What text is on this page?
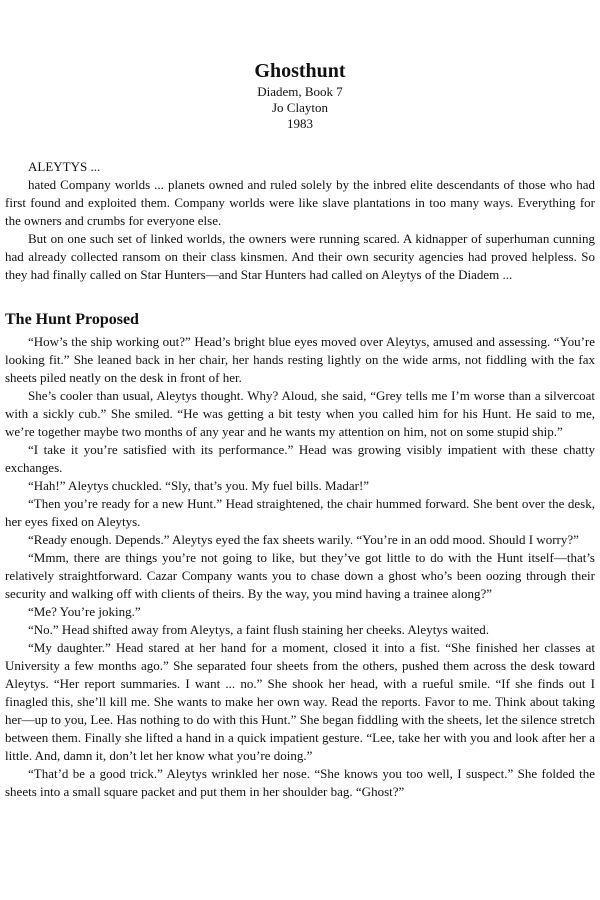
Ghosthunt

Diadem, Book 7

Jo Clayton

1983

ALEYTYS ...

hated Company worlds ... planets owned and ruled solely by the inbred elite descendants of those who had first found and exploited them. Company worlds were like slave plantations in too many ways. Everything for the owners and crumbs for everyone else.

But on one such set of linked worlds, the owners were running scared. A kidnapper of superhuman cunning had already collected ransom on their class kinsmen. And their own security agencies had proved helpless. So they had finally called on Star Hunters—and Star Hunters had called on Aleytys of the Diadem ...

The Hunt Proposed

“How’s the ship working out?” Head’s bright blue eyes moved over Aleytys, amused and assessing. “You’re looking fit.” She leaned back in her chair, her hands resting lightly on the wide arms, not fiddling with the fax sheets piled neatly on the desk in front of her.

She’s cooler than usual, Aleytys thought. Why? Aloud, she said, “Grey tells me I’m worse than a silvercoat with a sickly cub.” She smiled. “He was getting a bit testy when you called him for his Hunt. He said to me, we’re together maybe two months of any year and he wants my attention on him, not on some stupid ship.”

“I take it you’re satisfied with its performance.” Head was growing visibly impatient with these chatty exchanges.

“Hah!” Aleytys chuckled. “Sly, that’s you. My fuel bills. Madar!”

“Then you’re ready for a new Hunt.” Head straightened, the chair hummed forward. She bent over the desk, her eyes fixed on Aleytys.

“Ready enough. Depends.” Aleytys eyed the fax sheets warily. “You’re in an odd mood. Should I worry?”

“Mmm, there are things you’re not going to like, but they’ve got little to do with the Hunt itself—that’s relatively straightforward. Cazar Company wants you to chase down a ghost who’s been oozing through their security and walking off with clients of theirs. By the way, you mind having a trainee along?”

“Me? You’re joking.”

“No.” Head shifted away from Aleytys, a faint flush staining her cheeks. Aleytys waited.

“My daughter.” Head stared at her hand for a moment, closed it into a fist. “She finished her classes at University a few months ago.” She separated four sheets from the others, pushed them across the desk toward Aleytys. “Her report summaries. I want ... no.” She shook her head, with a rueful smile. “If she finds out I finagled this, she’ll kill me. She wants to make her own way. Read the reports. Favor to me. Think about taking her—up to you, Lee. Has nothing to do with this Hunt.” She began fiddling with the sheets, let the silence stretch between them. Finally she lifted a hand in a quick impatient gesture. “Lee, take her with you and look after her a little. And, damn it, don’t let her know what you’re doing.”

“That’d be a good trick.” Aleytys wrinkled her nose. “She knows you too well, I suspect.” She folded the sheets into a small square packet and put them in her shoulder bag. “Ghost?”
